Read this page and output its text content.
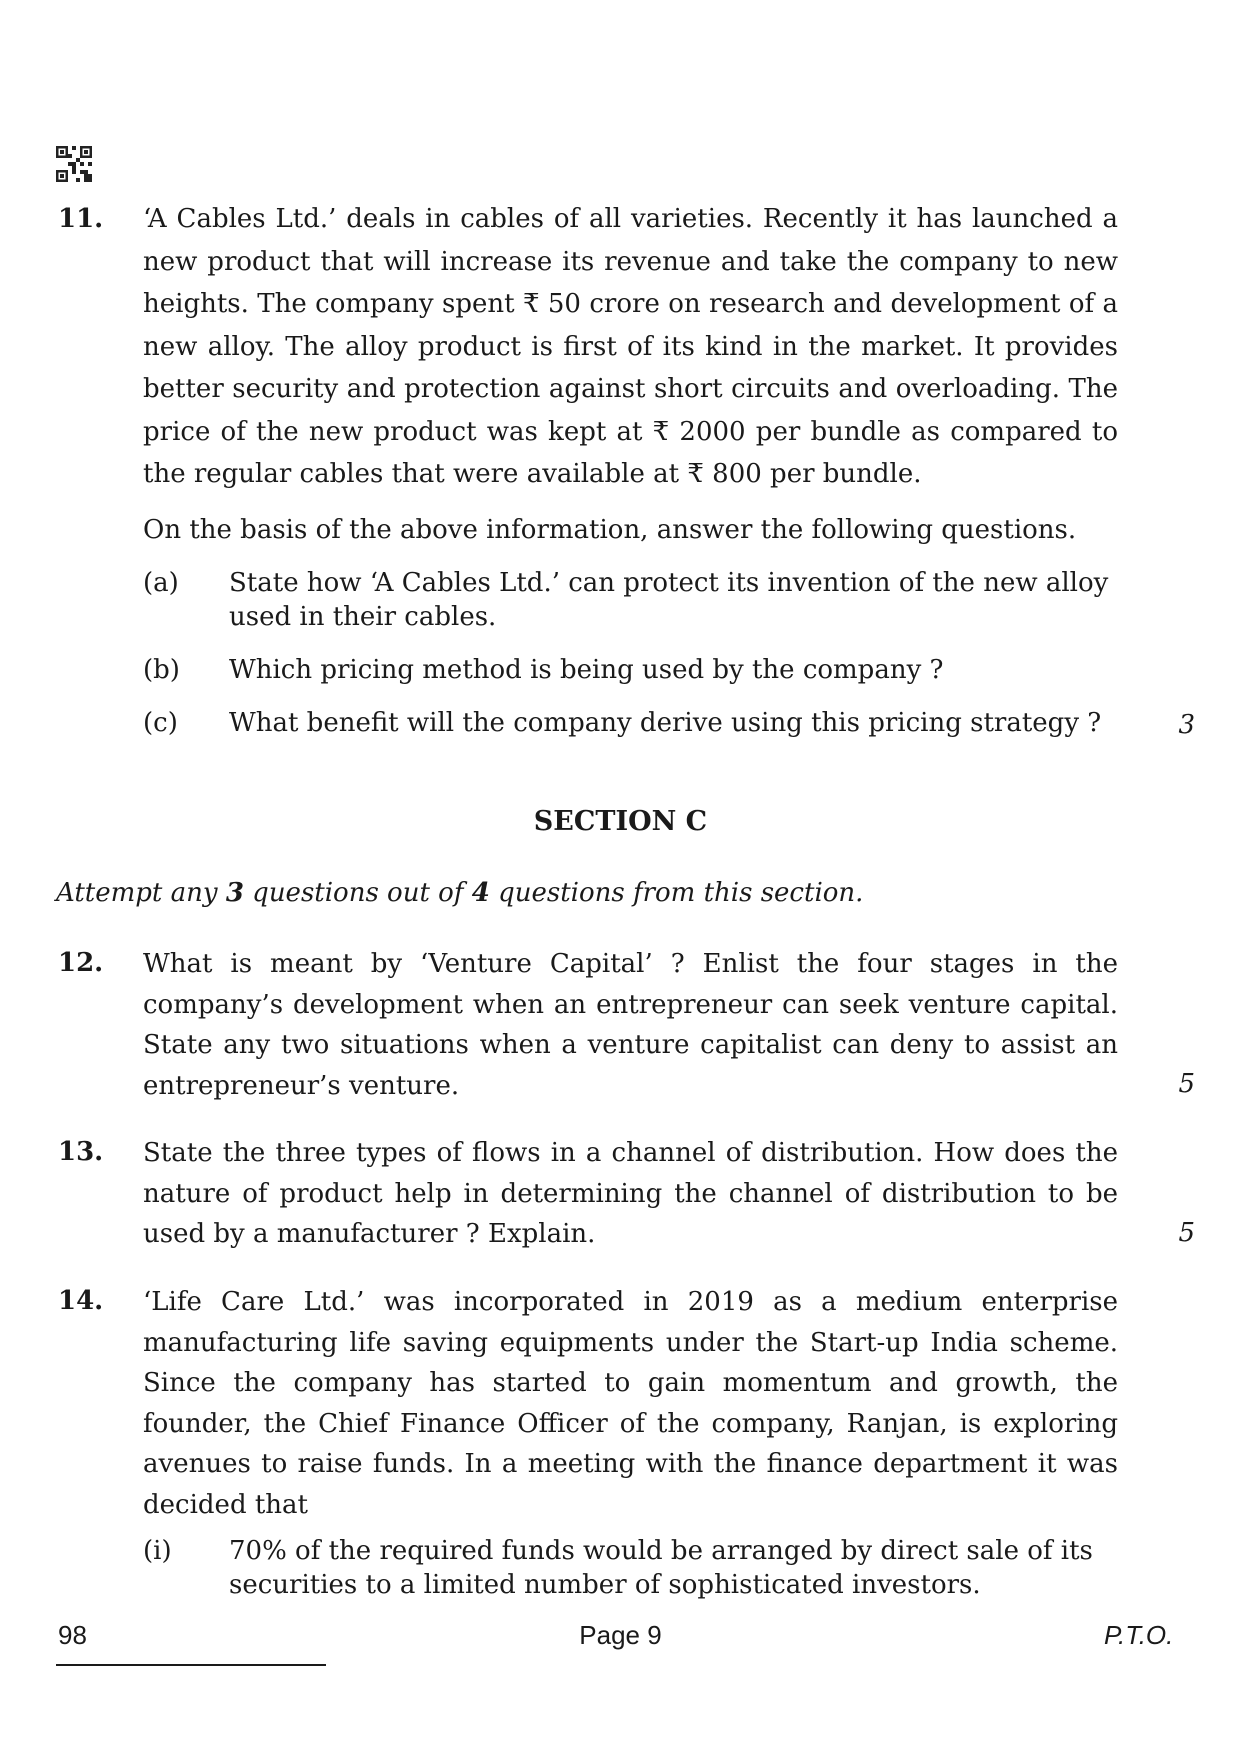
11. ‘A Cables Ltd.’ deals in cables of all varieties. Recently it has launched a new product that will increase its revenue and take the company to new heights. The company spent ₹ 50 crore on research and development of a new alloy. The alloy product is first of its kind in the market. It provides better security and protection against short circuits and overloading. The price of the new product was kept at ₹ 2000 per bundle as compared to the regular cables that were available at ₹ 800 per bundle.
On the basis of the above information, answer the following questions.
(a) State how ‘A Cables Ltd.’ can protect its invention of the new alloy used in their cables.
(b) Which pricing method is being used by the company ?
(c) What benefit will the company derive using this pricing strategy ?	3
SECTION C
Attempt any 3 questions out of 4 questions from this section.
12. What is meant by ‘Venture Capital’ ? Enlist the four stages in the company’s development when an entrepreneur can seek venture capital. State any two situations when a venture capitalist can deny to assist an entrepreneur’s venture.	5
13. State the three types of flows in a channel of distribution. How does the nature of product help in determining the channel of distribution to be used by a manufacturer ? Explain.	5
14. ‘Life Care Ltd.’ was incorporated in 2019 as a medium enterprise manufacturing life saving equipments under the Start-up India scheme. Since the company has started to gain momentum and growth, the founder, the Chief Finance Officer of the company, Ranjan, is exploring avenues to raise funds. In a meeting with the finance department it was decided that
(i) 70% of the required funds would be arranged by direct sale of its securities to a limited number of sophisticated investors.
98	Page 9	P.T.O.
